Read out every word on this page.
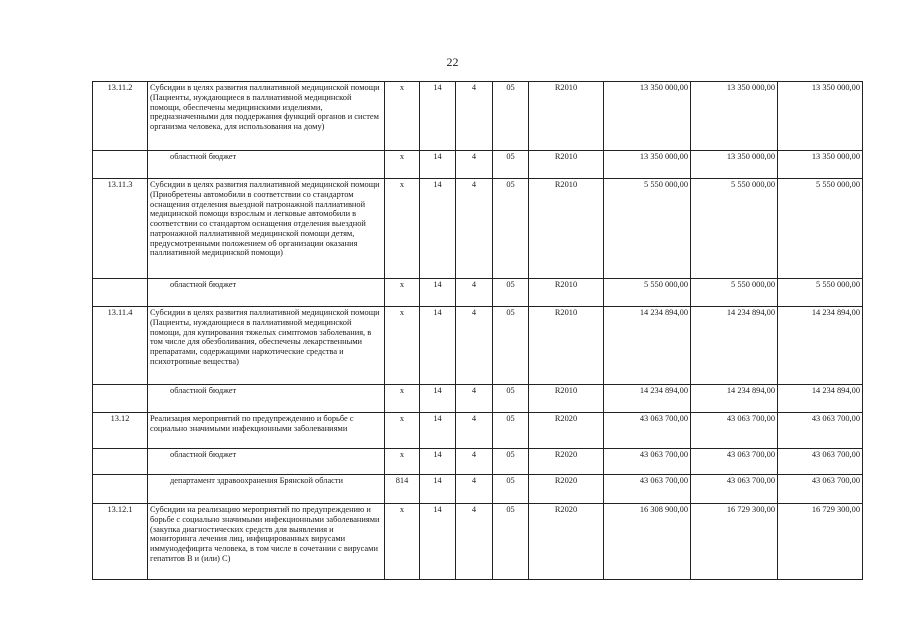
22
13.11.2	Субсидии в целях развития паллиативной медицинской помощи (Пациенты, нуждающиеся в паллиативной медицинской помощи, обеспечены медицинскими изделиями, предназначенными для поддержания функций органов и систем организма человека, для использования на дому)	х	14	4	05	R2010	13 350 000,00	13 350 000,00	13 350 000,00
	областной бюджет	х	14	4	05	R2010	13 350 000,00	13 350 000,00	13 350 000,00
13.11.3	Субсидии в целях развития паллиативной медицинской помощи (Приобретены автомобили в соответствии со стандартом оснащения отделения выездной патронажной паллиативной медицинской помощи взрослым и легковые автомобили в соответствии со стандартом оснащения отделения выездной патронажной паллиативной медицинской помощи детям, предусмотренными положением об организации оказания паллиативной медицинской помощи)	х	14	4	05	R2010	5 550 000,00	5 550 000,00	5 550 000,00
	областной бюджет	х	14	4	05	R2010	5 550 000,00	5 550 000,00	5 550 000,00
13.11.4	Субсидии в целях развития паллиативной медицинской помощи (Пациенты, нуждающиеся в паллиативной медицинской помощи, для купирования тяжелых симптомов заболевания, в том числе для обезболивания, обеспечены лекарственными препаратами, содержащими наркотические средства и психотропные вещества)	х	14	4	05	R2010	14 234 894,00	14 234 894,00	14 234 894,00
	областной бюджет	х	14	4	05	R2010	14 234 894,00	14 234 894,00	14 234 894,00
13.12	Реализация мероприятий по предупреждению и борьбе с социально значимыми инфекционными заболеваниями	х	14	4	05	R2020	43 063 700,00	43 063 700,00	43 063 700,00
	областной бюджет	х	14	4	05	R2020	43 063 700,00	43 063 700,00	43 063 700,00
	департамент здравоохранения Брянской области	814	14	4	05	R2020	43 063 700,00	43 063 700,00	43 063 700,00
13.12.1	Субсидии на реализацию мероприятий по предупреждению и борьбе с социально значимыми инфекционными заболеваниями (закупка диагностических средств для выявления и мониторинга лечения лиц, инфицированных вирусами иммунодефицита человека, в том числе в сочетании с вирусами гепатитов В и (или) С)	х	14	4	05	R2020	16 308 900,00	16 729 300,00	16 729 300,00
